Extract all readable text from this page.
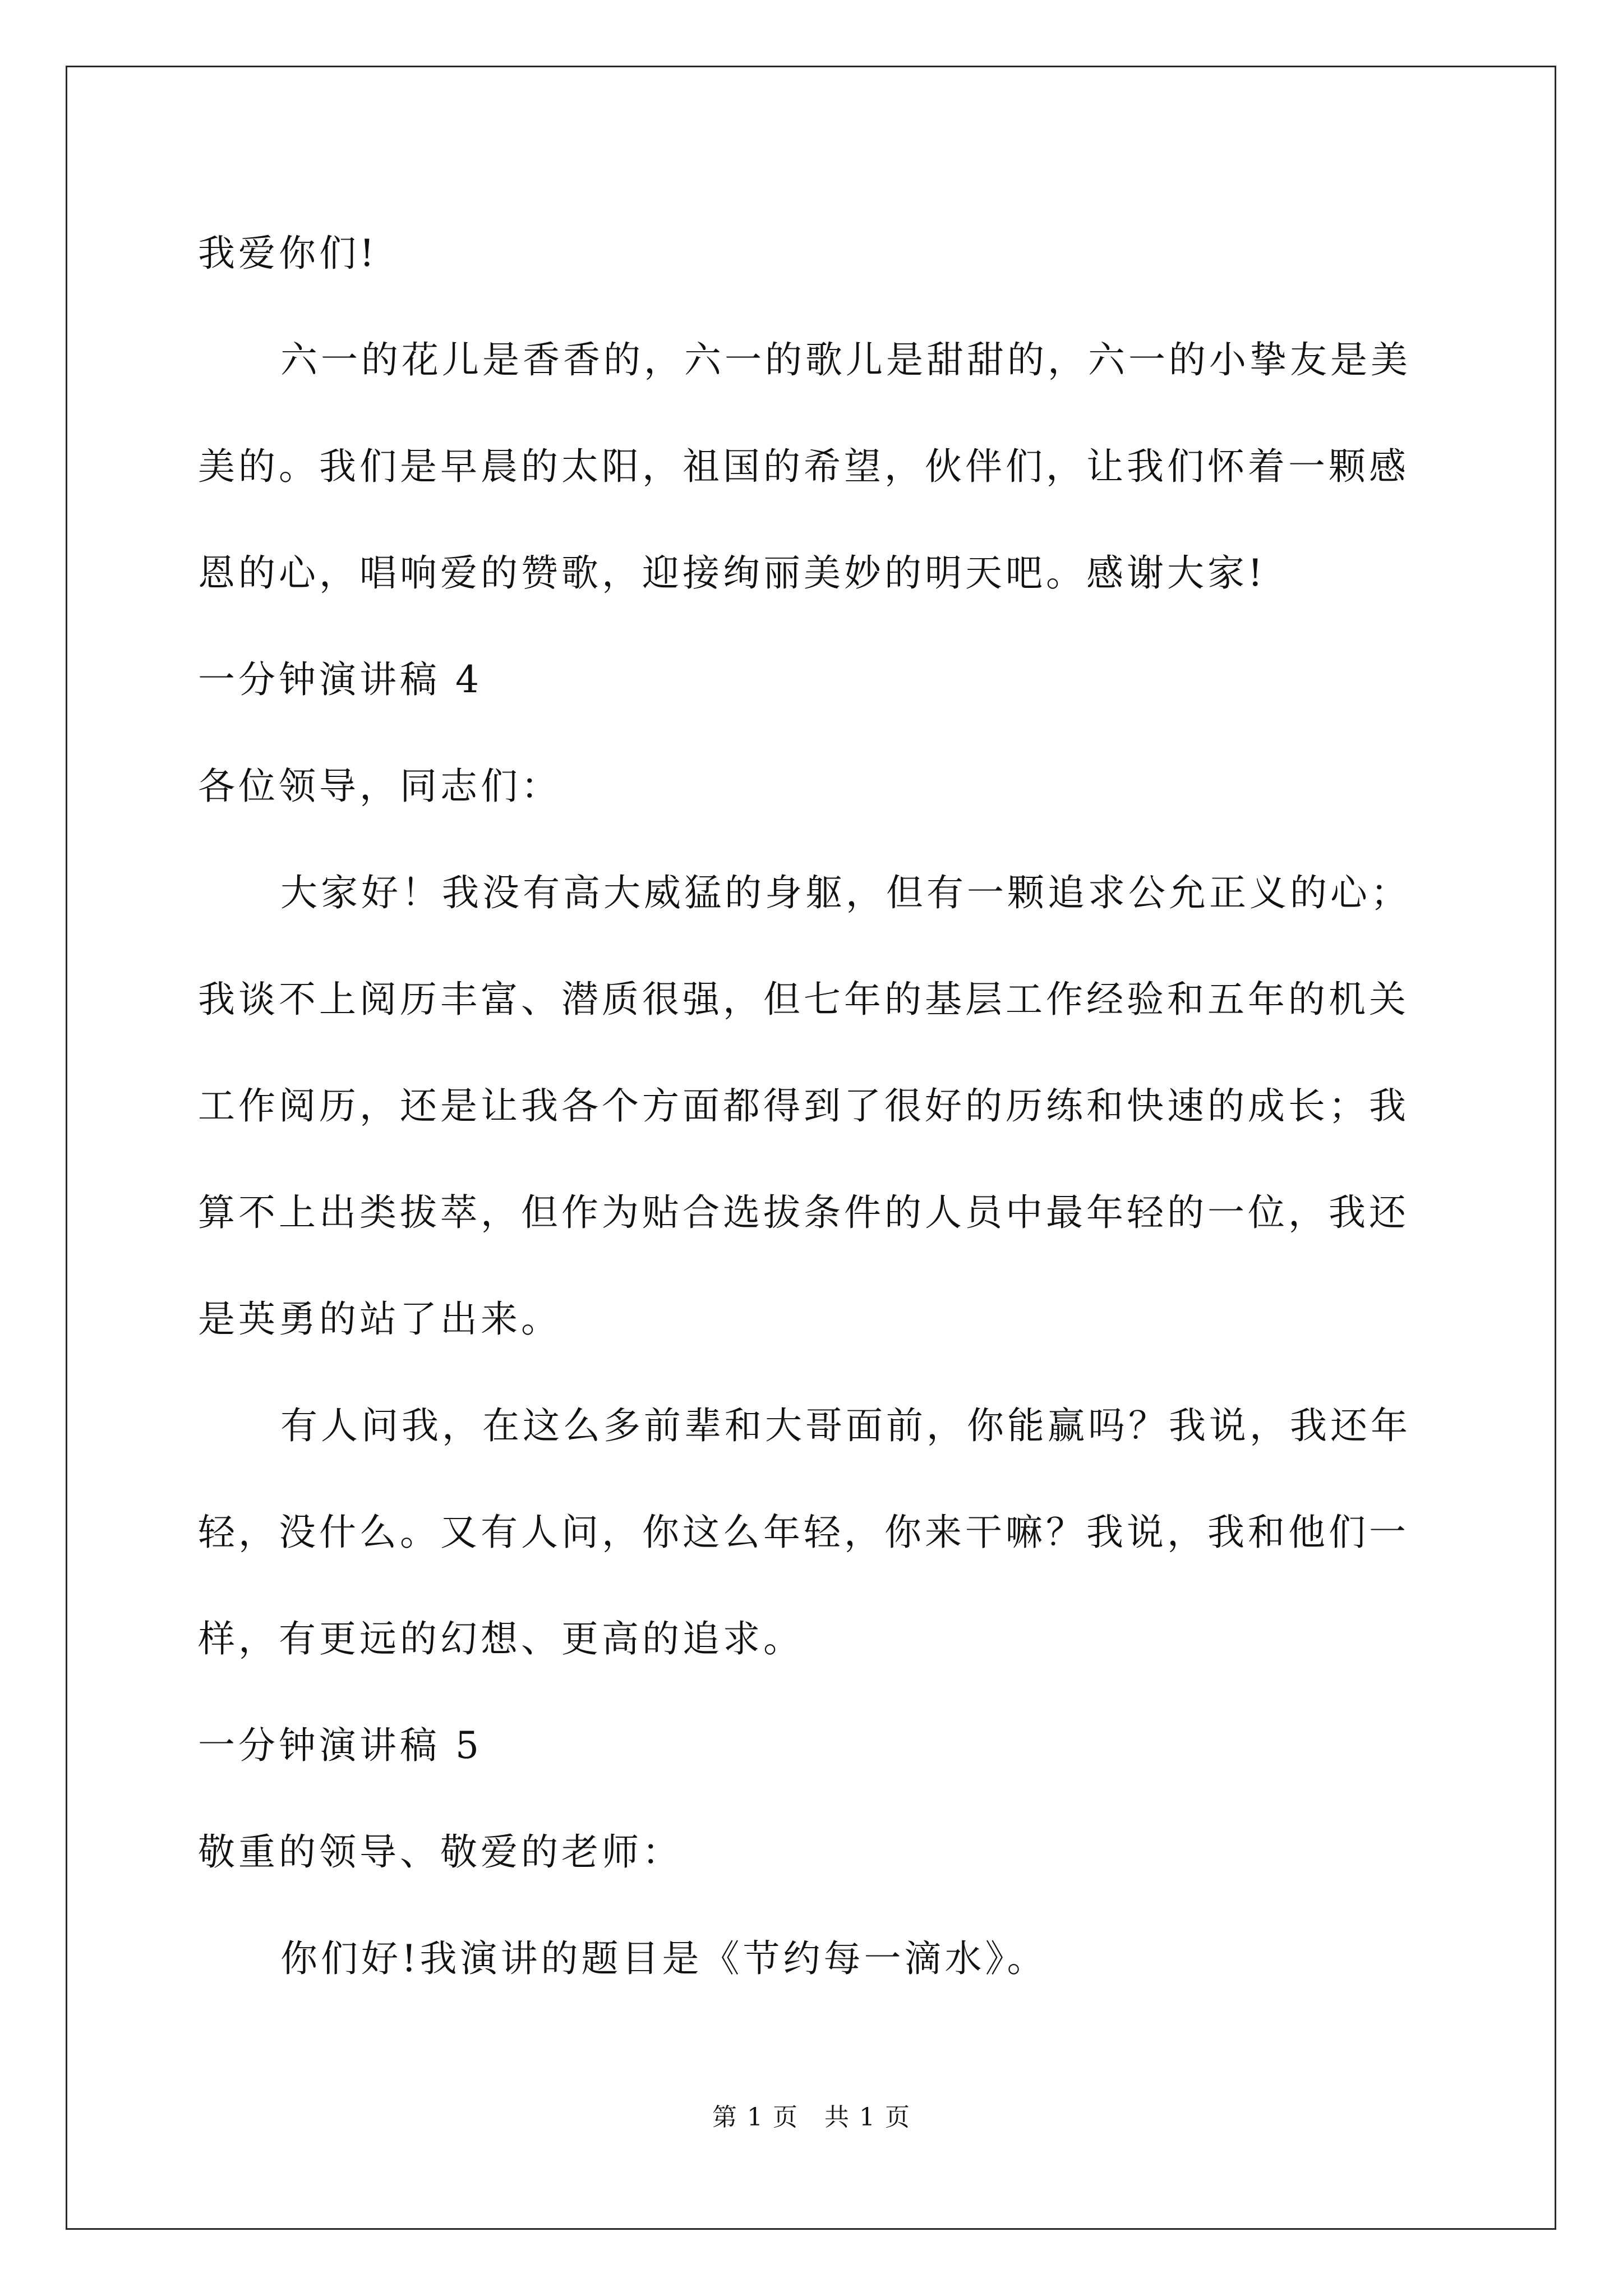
我爱你们!
六一的花儿是香香的，六一的歌儿是甜甜的，六一的小挚友是美
美的。我们是早晨的太阳，祖国的希望，伙伴们，让我们怀着一颗感
恩的心，唱响爱的赞歌，迎接绚丽美妙的明天吧。感谢大家!
一分钟演讲稿 4
各位领导，同志们：
大家好！我没有高大威猛的身躯，但有一颗追求公允正义的心；
我谈不上阅历丰富、潜质很强，但七年的基层工作经验和五年的机关
工作阅历，还是让我各个方面都得到了很好的历练和快速的成长；我
算不上出类拔萃，但作为贴合选拔条件的人员中最年轻的一位，我还
是英勇的站了出来。
有人问我，在这么多前辈和大哥面前，你能赢吗？我说，我还年
轻，没什么。又有人问，你这么年轻，你来干嘛？我说，我和他们一
样，有更远的幻想、更高的追求。
一分钟演讲稿 5
敬重的领导、敬爱的老师：
你们好!我演讲的题目是《节约每一滴水》。
第 1 页　共 1 页
